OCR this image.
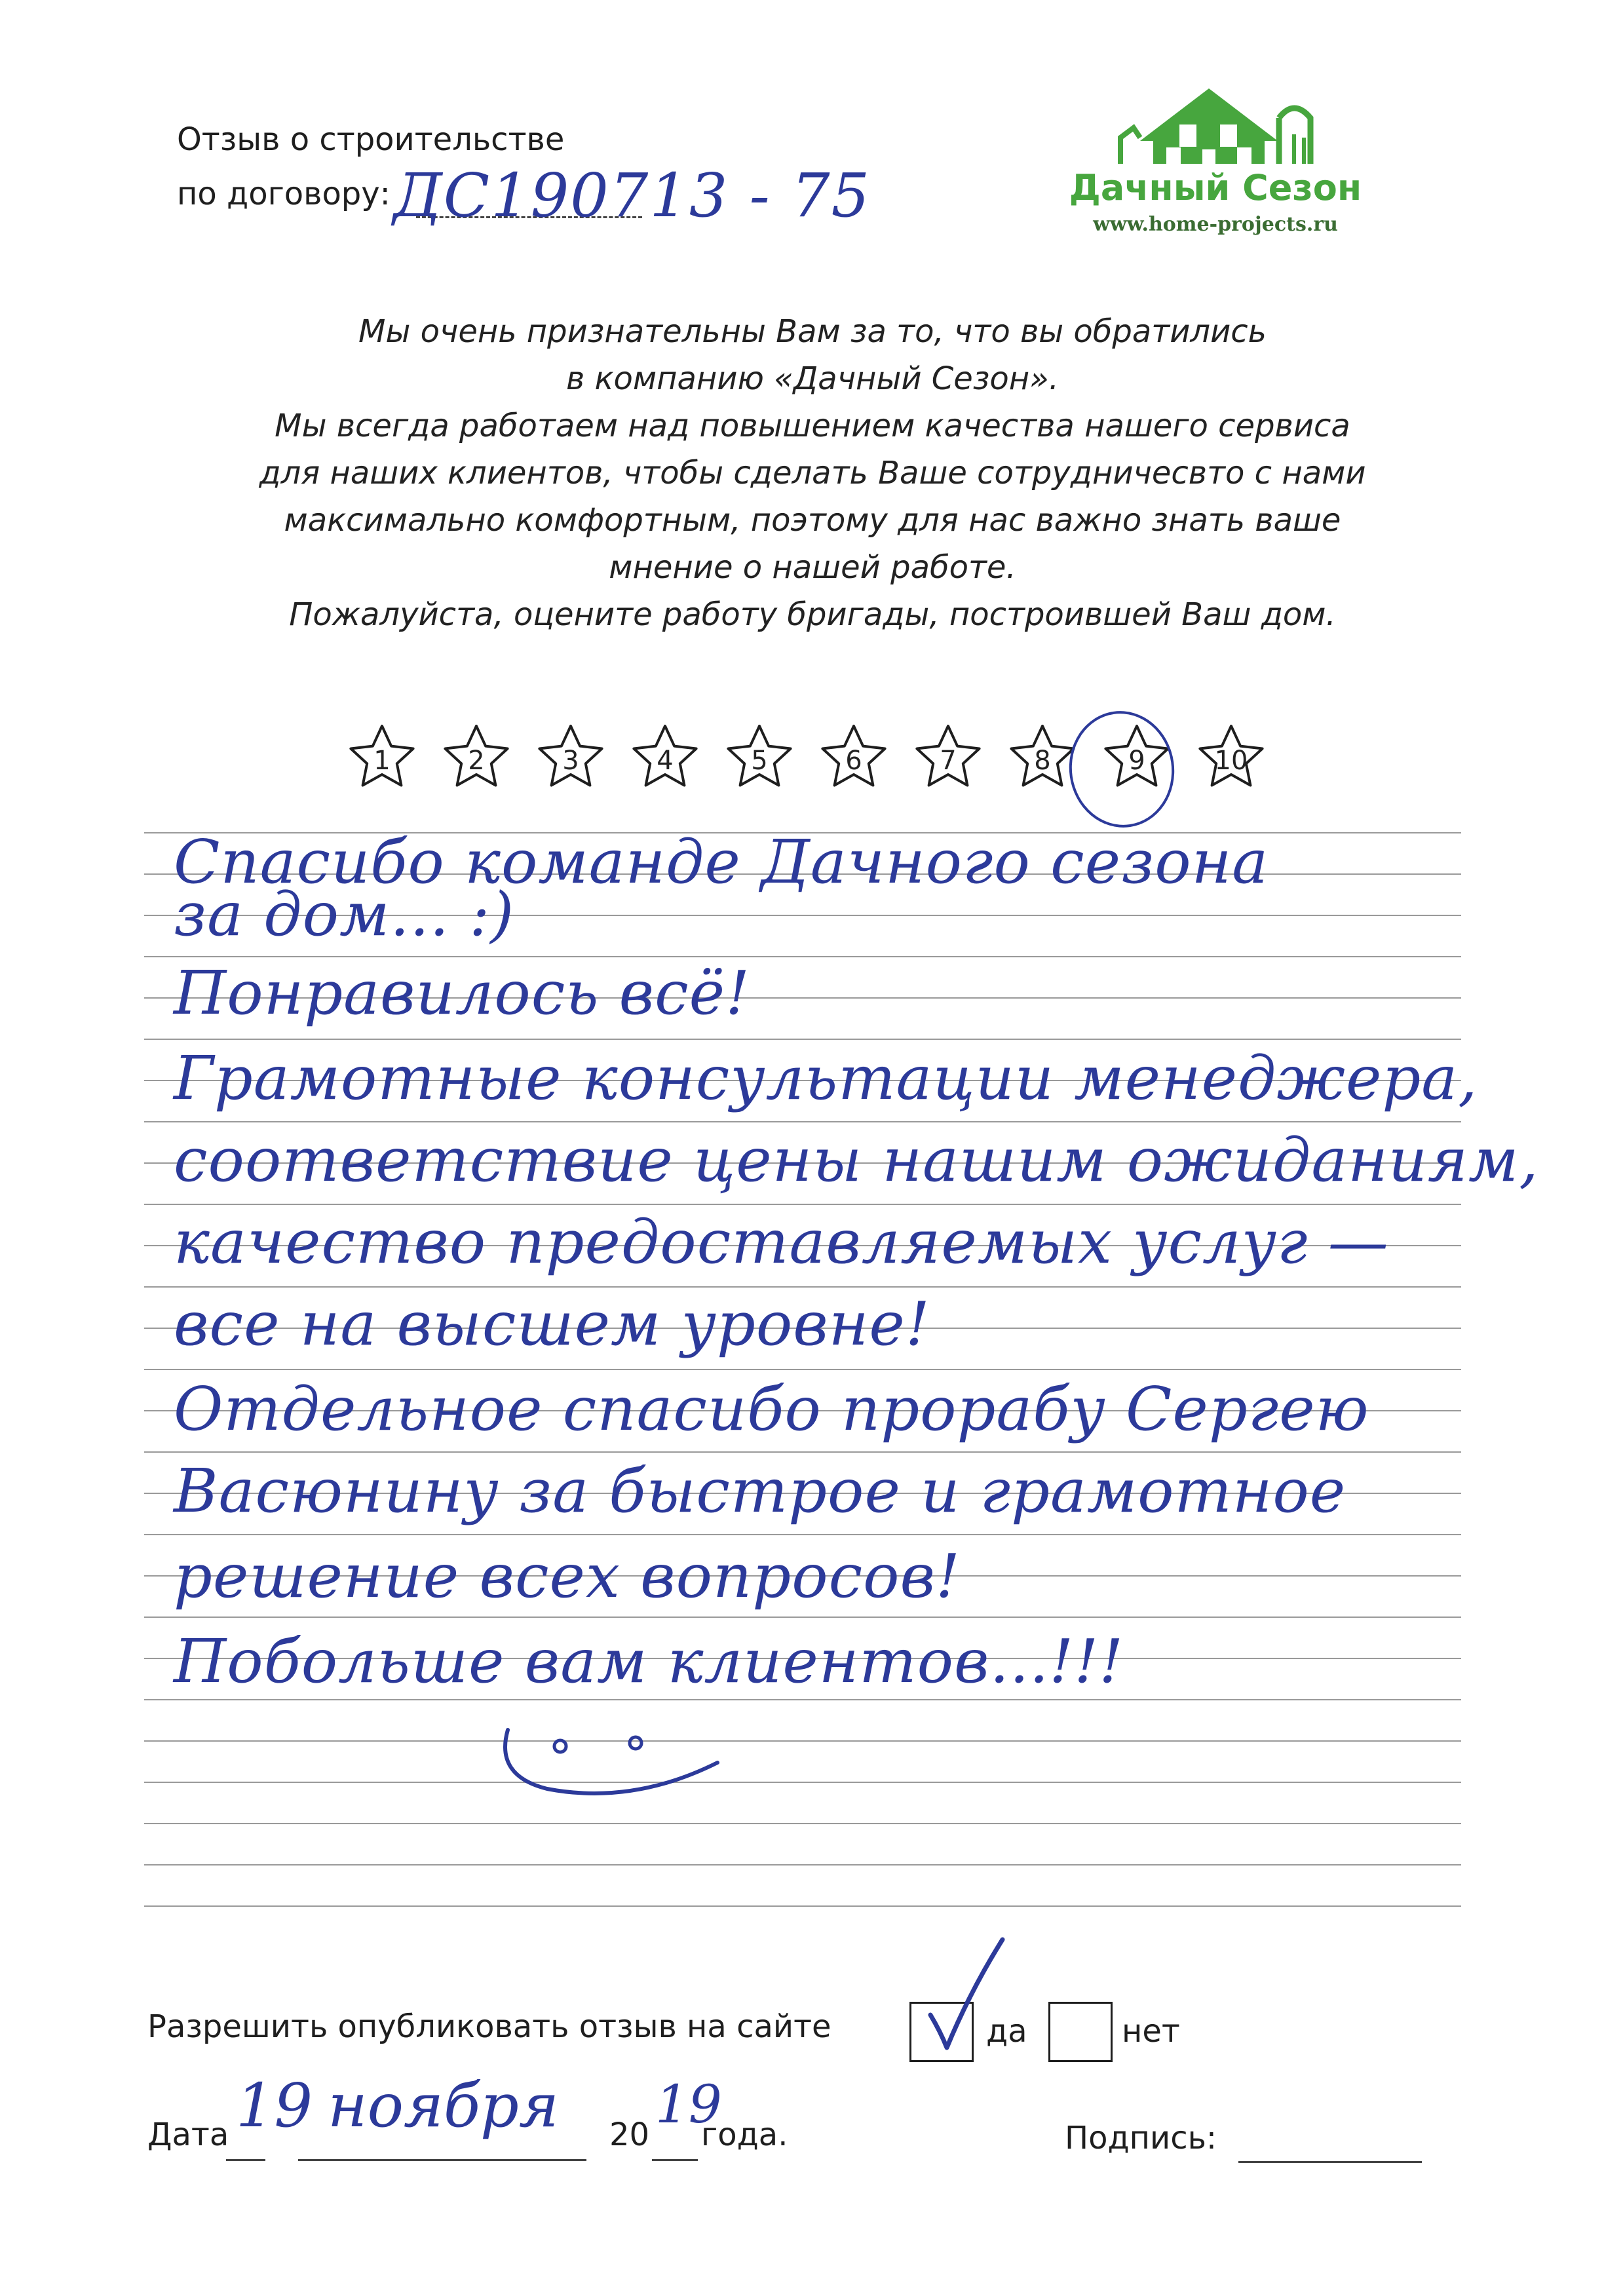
Отзыв о строительстве
по договору: ДС190713 - 75	Дачный Сезон
www.home-projects.ru
Мы очень признательны Вам за то, что вы обратились
в компанию «Дачный Сезон».
Мы всегда работаем над повышением качества нашего сервиса
для наших клиентов, чтобы сделать Ваше сотрудничесвто с нами
максимально комфортным, поэтому для нас важно знать ваше
мнение о нашей работе.
Пожалуйста, оцените работу бригады, построившей Ваш дом.
1	2	3	4	5	6	7	8	9	10
Спасибо команде Дачного сезона
за дом... :)
Понравилось всё!
Грамотные консультации менеджера,
соответствие цены нашим ожиданиям,
качество предоставляемых услуг —
все на высшем уровне!
Отдельное спасибо прорабу Сергею
Васюнину за быстрое и грамотное
решение всех вопросов!
Побольше вам клиентов...!!!
Разрешить опубликовать отзыв на сайте	да	нет
Дата 19 ноября 20 19
года.	Подпись:
